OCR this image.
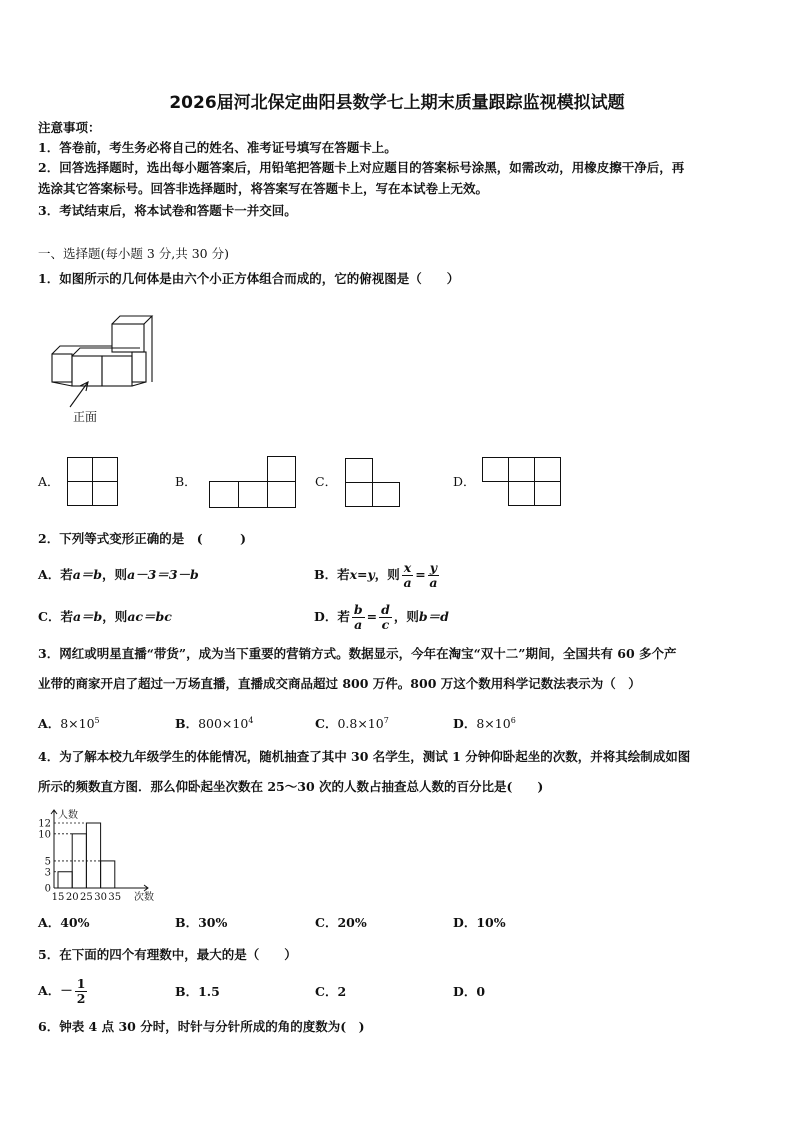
2026届河北保定曲阳县数学七上期末质量跟踪监视模拟试题
注意事项：
1．答卷前，考生务必将自己的姓名、准考证号填写在答题卡上。
2．回答选择题时，选出每小题答案后，用铅笔把答题卡上对应题目的答案标号涂黑，如需改动，用橡皮擦干净后，再
选涂其它答案标号。回答非选择题时，将答案写在答题卡上，写在本试卷上无效。
3．考试结束后，将本试卷和答题卡一并交回。
一、选择题(每小题 3 分,共 30 分)
1．如图所示的几何体是由六个小正方体组合而成的，它的俯视图是（　　）
正面
A．	B．	C．	D．
2．下列等式变形正确的是　(　　　)
A．若a＝b，则a－3＝3－b	B．若x=y，则 $\frac{x}{a} = \frac{y}{a}$
C．若a＝b，则ac＝bc	D．若 $\frac{b}{a} = \frac{d}{c}$ ，则b＝d
3．网红或明星直播“带货”，成为当下重要的营销方式。数据显示，今年在淘宝“双十二”期间，全国共有 60 多个产
业带的商家开启了超过一万场直播，直播成交商品超过 800 万件。800 万这个数用科学记数法表示为（　）
A．$8\times 10^5$	B．$800\times 10^4$	C．$0.8\times 10^7$	D．$8\times 10^6$
4．为了解本校九年级学生的体能情况，随机抽查了其中 30 名学生，测试 1 分钟仰卧起坐的次数，并将其绘制成如图
所示的频数直方图．那么仰卧起坐次数在 25～30 次的人数占抽查总人数的百分比是(　　)
人数
次数
0
3
5
10
12
15 20 25 30 35
A．40%	B．30%	C．20%	D．10%
5．在下面的四个有理数中，最大的是（　　）
A．－ $\frac{1}{2}$	B．1.5	C．2	D．0
6．钟表 4 点 30 分时，时针与分针所成的角的度数为(　)
